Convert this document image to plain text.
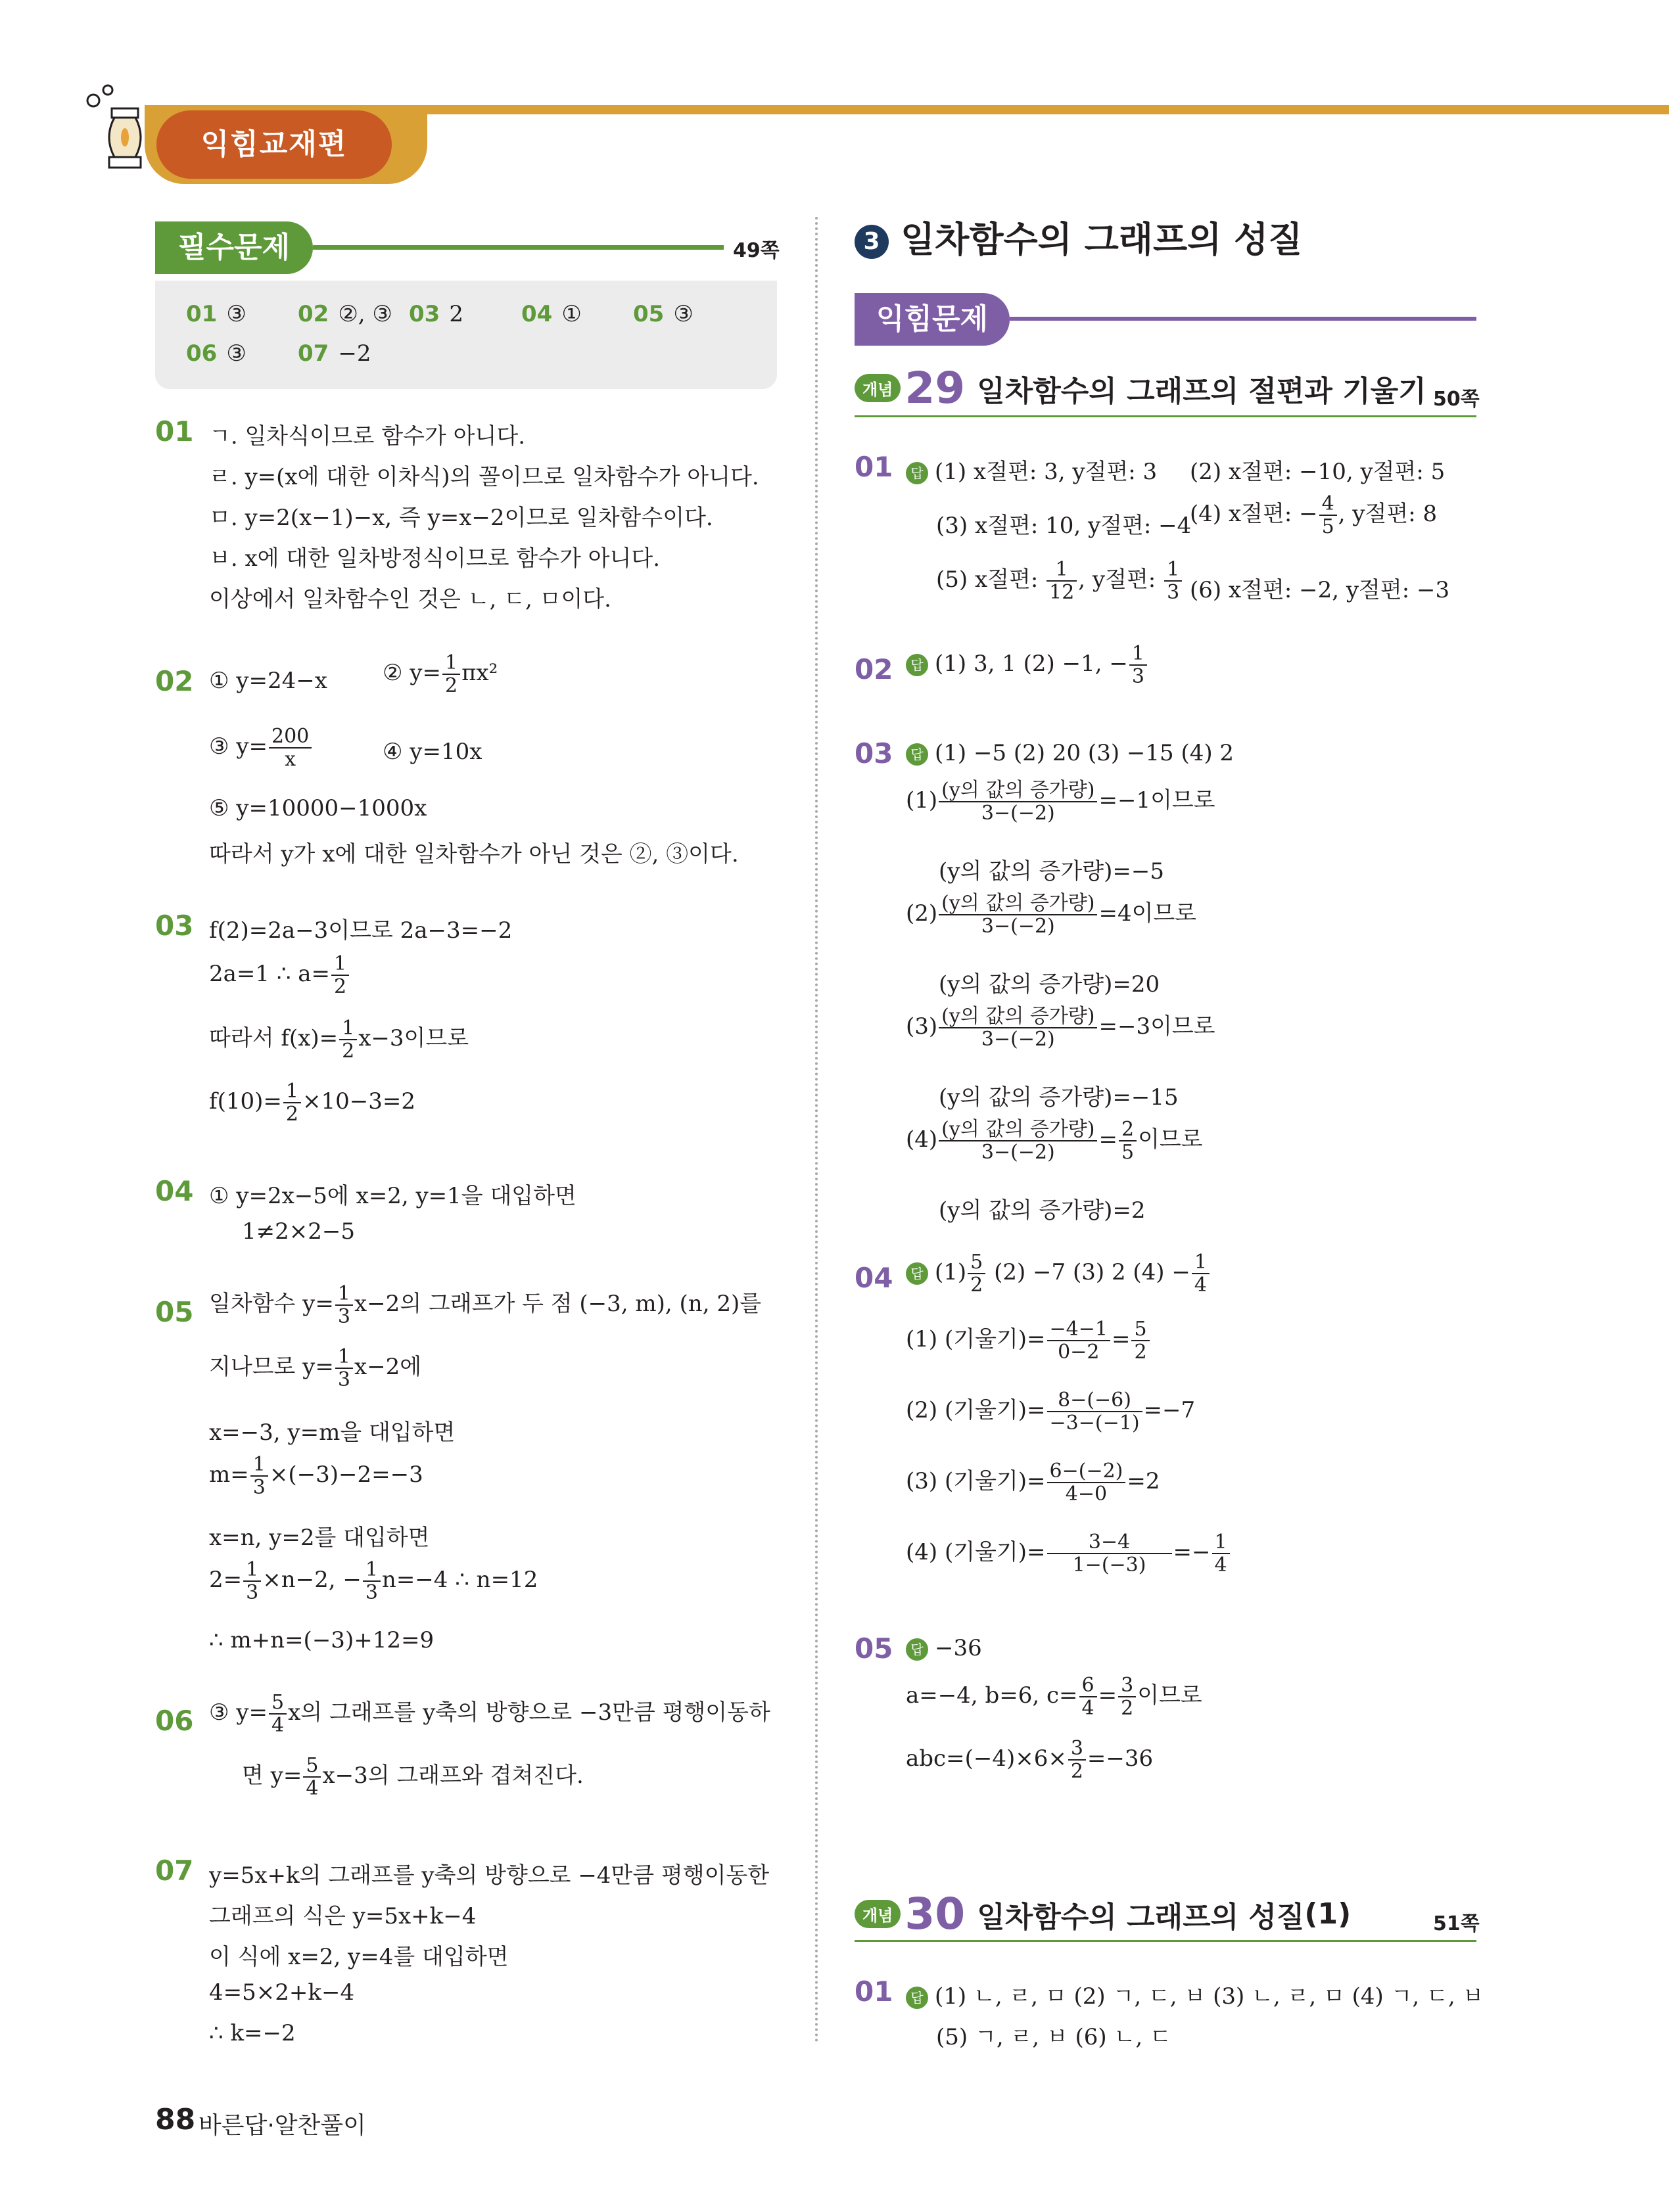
익힘교재편
필수문제	49쪽
01 ③ 02 ②, ③ 03 2	04 ① 05 ③
06 ③ 07 −2
01 ㄱ. 일차식이므로 함수가 아니다.
ㄹ. y=(x에 대한 이차식)의 꼴이므로 일차함수가 아니다.
ㅁ. y=2(x−1)−x, 즉 y=x−2이므로 일차함수이다.
ㅂ. x에 대한 일차방정식이므로 함수가 아니다.
이상에서 일차함수인 것은 ㄴ, ㄷ, ㅁ이다.
02 ① y=24−x ② $y= \frac{1}{2} \pi x^2$
③ $y= \frac{200}{x}$	④ y=10x
⑤ y=10000−1000x
따라서 y가 x에 대한 일차함수가 아닌 것은 ②, ③이다.
03 f(2)=2a−3이므로 2a−3=−2
2a=1 ∴ $a= \frac{1}{2}$
따라서 $f(x)= \frac{1}{2} x-3$이므로
$f(10)= \frac{1}{2} \times 10-3=2$
04 ① y=2x−5에 x=2, y=1을 대입하면
1≠2×2−5
05 일차함수 $y= \frac{1}{3} x-2$의 그래프가 두 점 (−3, m), (n, 2)를
지나므로 $y= \frac{1}{3} x-2$에
x=−3, y=m을 대입하면
$m= \frac{1}{3} \times(-3)-2=-3$
x=n, y=2를 대입하면
$2= \frac{1}{3} \times n-2$, − $\frac{1}{3} n=-4$ ∴ n=12
∴ m+n=(−3)+12=9
06 ③ $y= \frac{5}{4}$ x의 그래프를 y축의 방향으로 −3만큼 평행이동하
면 $y= \frac{5}{4} x-3$의 그래프와 겹쳐진다.
07 y=5x+k의 그래프를 y축의 방향으로 −4만큼 평행이동한
그래프의 식은 y=5x+k−4
이 식에 x=2, y=4를 대입하면
4=5×2+k−4
∴ k=−2
3 일차함수의 그래프의 성질
익힘문제
개념 29 일차함수의 그래프의 절편과 기울기 50쪽
01	답 (1) x절편: 3, y절편: 3 (2) x절편: −10, y절편: 5
(3) x절편: 10, y절편: −4
(4) x절편: − $\frac{4}{5}$ , y절편: 8
(5) x절편: $\frac{1}{12}$ , y절편: $\frac{1}{3} (6)$ x절편: −2, y절편: −3
02	답 (1) 3, 1 (2) −1, − $\frac{1}{3}$
03	답 (1) −5 (2) 20 (3) −15 (4) 2
$(1) \frac{\text{(y의 값의 증가량)}}{3-(-2)} =-1$이므로
(y의 값의 증가량)=−5
$(2) \frac{\text{(y의 값의 증가량)}}{3-(-2)} =4$이므로
(y의 값의 증가량)=20
$(3) \frac{\text{(y의 값의 증가량)}}{3-(-2)} =-3$이므로
(y의 값의 증가량)=−15
$(4) \frac{\text{(y의 값의 증가량)}}{3-(-2)} = \frac{2}{5}$ 이므로
(y의 값의 증가량)=2
04	답 $(1) \frac{5}{2} (2) -7$ (3) 2 $(4) - \frac{1}{4}$
(1) (기울기)= $\frac{-4-1}{0-2} = \frac{5}{2}$
(2) (기울기)= $\frac{8-(-6)}{-3-(-1)} =-7$
(3) (기울기)= $\frac{6-(-2)}{4-0} =2$
(4) (기울기)= $\frac{3-4}{1-(-3)} =- \frac{1}{4}$
05	답 −36
a=−4, b=6, $c= \frac{6}{4} = \frac{3}{2}$ 이므로
$abc=(-4)\times 6\times \frac{3}{2} =-36$
개념 30 일차함수의 그래프의 성질(1)	51쪽
01	답 (1) ㄴ, ㄹ, ㅁ (2) ㄱ, ㄷ, ㅂ (3) ㄴ, ㄹ, ㅁ (4) ㄱ, ㄷ, ㅂ
(5) ㄱ, ㄹ, ㅂ (6) ㄴ, ㄷ
88 바른답·알찬풀이
